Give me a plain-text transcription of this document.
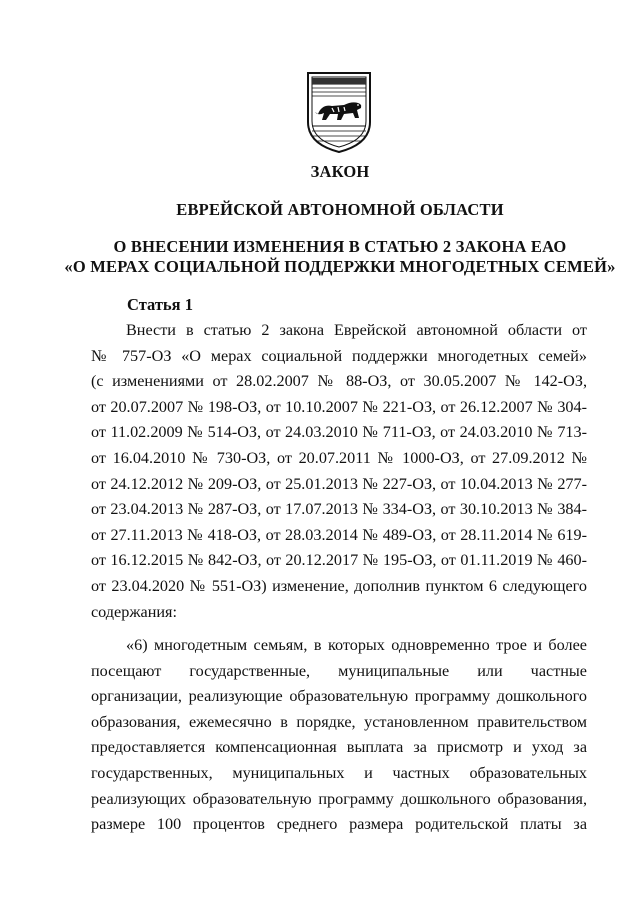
ЗАКОН
ЕВРЕЙСКОЙ АВТОНОМНОЙ ОБЛАСТИ
О ВНЕСЕНИИ ИЗМЕНЕНИЯ В СТАТЬЮ 2 ЗАКОНА ЕАО
«О МЕРАХ СОЦИАЛЬНОЙ ПОДДЕРЖКИ МНОГОДЕТНЫХ СЕМЕЙ»
Статья 1
Внести в статью 2 закона Еврейской автономной области от
№ 757-ОЗ «О мерах социальной поддержки многодетных семей»
(с изменениями от 28.02.2007 № 88-ОЗ, от 30.05.2007 № 142-ОЗ,
от 20.07.2007 № 198-ОЗ, от 10.10.2007 № 221-ОЗ, от 26.12.2007 № 304-
от 11.02.2009 № 514-ОЗ, от 24.03.2010 № 711-ОЗ, от 24.03.2010 № 713-
от 16.04.2010 № 730-ОЗ, от 20.07.2011 № 1000-ОЗ, от 27.09.2012 №
от 24.12.2012 № 209-ОЗ, от 25.01.2013 № 227-ОЗ, от 10.04.2013 № 277-
от 23.04.2013 № 287-ОЗ, от 17.07.2013 № 334-ОЗ, от 30.10.2013 № 384-
от 27.11.2013 № 418-ОЗ, от 28.03.2014 № 489-ОЗ, от 28.11.2014 № 619-
от 16.12.2015 № 842-ОЗ, от 20.12.2017 № 195-ОЗ, от 01.11.2019 № 460-
от 23.04.2020 № 551-ОЗ) изменение, дополнив пунктом 6 следующего
содержания:
«6) многодетным семьям, в которых одновременно трое и более
посещают государственные, муниципальные или частные
организации, реализующие образовательную программу дошкольного
образования, ежемесячно в порядке, установленном правительством
предоставляется компенсационная выплата за присмотр и уход за
государственных, муниципальных и частных образовательных
реализующих образовательную программу дошкольного образования,
размере 100 процентов среднего размера родительской платы за
